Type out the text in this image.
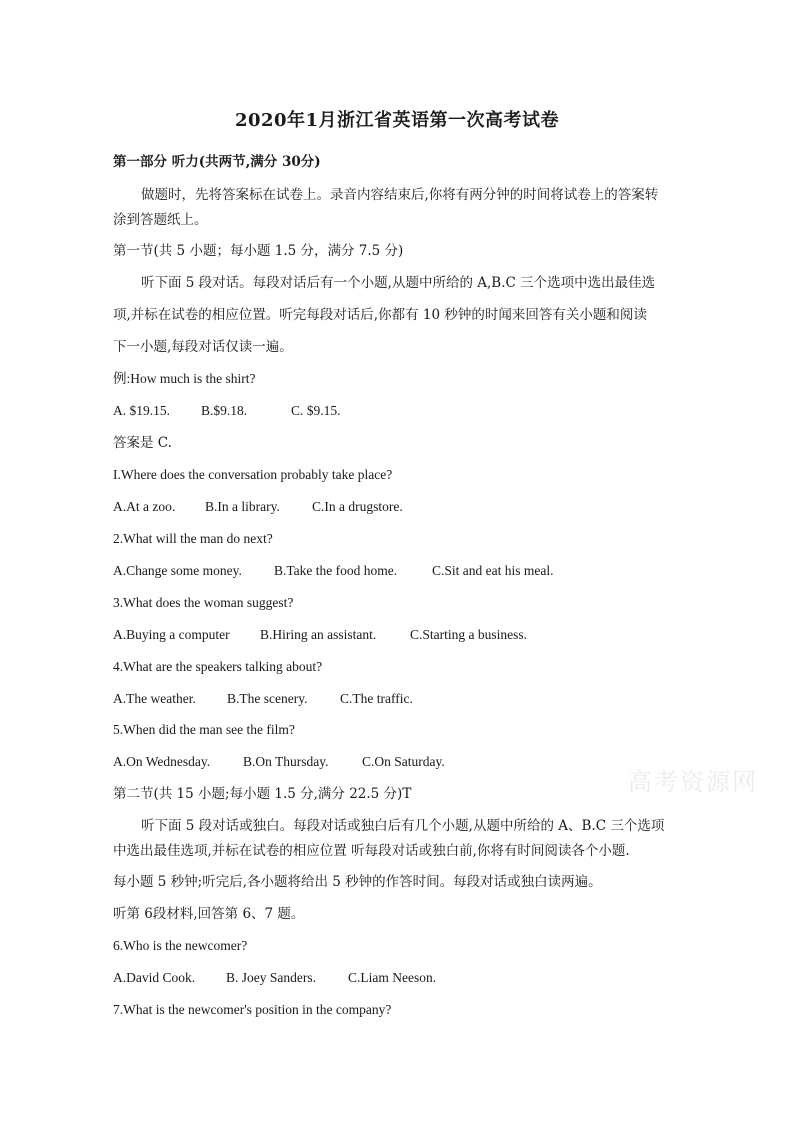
2020年1月浙江省英语第一次高考试卷
第一部分 听力(共两节,满分 30分)
做题时，先将答案标在试卷上。录音内容结束后,你将有两分钟的时间将试卷上的答案转
涂到答题纸上。
第一节(共 5 小题；每小题 1.5 分，满分 7.5 分)
听下面 5 段对话。每段对话后有一个小题,从题中所给的 A,B.C 三个选项中选出最佳选
项,并标在试卷的相应位置。听完每段对话后,你都有 10 秒钟的时闻来回答有关小题和阅读
下一小题,每段对话仅读一遍。
例:How much is the shirt?
A. $19.15. B.$9.18.	C. $9.15.
答案是 C.
I.Where does the conversation probably take place?
A.At a zoo. B.In a library. C.In a drugstore.
2.What will the man do next?
A.Change some money. B.Take the food home.	C.Sit and eat his meal.
3.What does the woman suggest?
A.Buying a computer B.Hiring an assistant.	C.Starting a business.
4.What are the speakers talking about?
A.The weather. B.The scenery. C.The traffic.
5.When did the man see the film?
A.On Wednesday. B.On Thursday. C.On Saturday.
第二节(共 15 小题;每小题 1.5 分,满分 22.5 分)T
听下面 5 段对话或独白。每段对话或独白后有几个小题,从题中所给的 A、B.C 三个选项
中选出最佳选项,并标在试卷的相应位置 听每段对话或独白前,你将有时间阅读各个小题.
每小题 5 秒钟;听完后,各小题将给出 5 秒钟的作答时间。每段对话或独白读两遍。
听第 6段材料,回答第 6、7 题。
6.Who is the newcomer?
A.David Cook. B. Joey Sanders. C.Liam Neeson.
7.What is the newcomer's position in the company?
高考资源网
